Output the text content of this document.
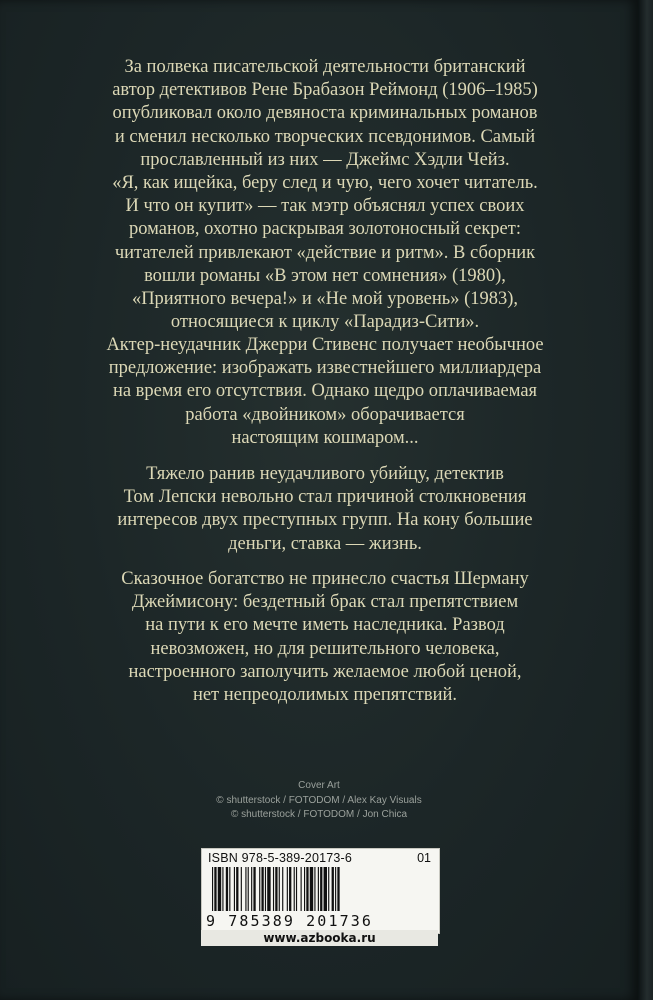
За полвека писательской деятельности британский
автор детективов Рене Брабазон Реймонд (1906–1985)
опубликовал около девяноста криминальных романов
и сменил несколько творческих псевдонимов. Самый
прославленный из них — Джеймс Хэдли Чейз.
«Я, как ищейка, беру след и чую, чего хочет читатель.
И что он купит» — так мэтр объяснял успех своих
романов, охотно раскрывая золотоносный секрет:
читателей привлекают «действие и ритм». В сборник
вошли романы «В этом нет сомнения» (1980),
«Приятного вечера!» и «Не мой уровень» (1983),
относящиеся к циклу «Парадиз-Сити».
Актер-неудачник Джерри Стивенс получает необычное
предложение: изображать известнейшего миллиардера
на время его отсутствия. Однако щедро оплачиваемая
работа «двойником» оборачивается
настоящим кошмаром...
Тяжело ранив неудачливого убийцу, детектив
Том Лепски невольно стал причиной столкновения
интересов двух преступных групп. На кону большие
деньги, ставка — жизнь.
Сказочное богатство не принесло счастья Шерману
Джеймисону: бездетный брак стал препятствием
на пути к его мечте иметь наследника. Развод
невозможен, но для решительного человека,
настроенного заполучить желаемое любой ценой,
нет непреодолимых препятствий.
Cover Art
© shutterstock / FOTODOM / Alex Kay Visuals
© shutterstock / FOTODOM / Jon Chica
ISBN 978-5-389-20173-6	01
9 785389 201736
www.azbooka.ru
